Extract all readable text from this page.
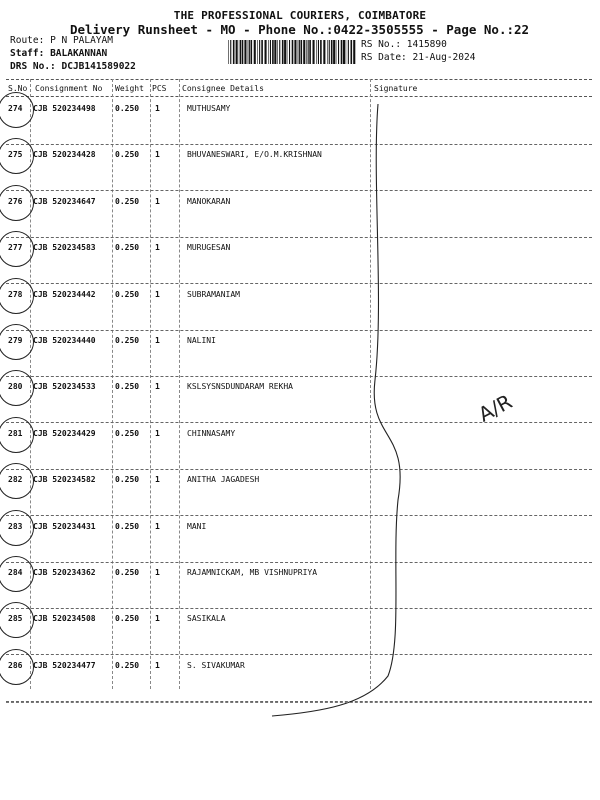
THE PROFESSIONAL COURIERS, COIMBATORE
Delivery Runsheet - MO - Phone No.:0422-3505555 - Page No.:22
Route: P N PALAYAM
Staff: BALAKANNAN
DRS No.: DCJB141589022
RS No.: 1415890
RS Date: 21-Aug-2024
S.No Consignment No Weight PCS Consignee Details	Signature
274 CJB 520234498 0.250 1	MUTHUSAMY
275 CJB 520234428 0.250 1	BHUVANESWARI, E/O.M.KRISHNAN
276 CJB 520234647 0.250 1	MANOKARAN
277 CJB 520234583 0.250 1	MURUGESAN
278 CJB 520234442 0.250 1	SUBRAMANIAM
279 CJB 520234440 0.250 1	NALINI
280 CJB 520234533 0.250 1	KSLSYSNSDUNDARAM REKHA
281 CJB 520234429 0.250 1	CHINNASAMY
282 CJB 520234582 0.250 1	ANITHA JAGADESH
283 CJB 520234431 0.250 1	MANI
284 CJB 520234362 0.250 1	RAJAMNICKAM, MB VISHNUPRIYA
285 CJB 520234508 0.250 1	SASIKALA
286 CJB 520234477 0.250 1	S. SIVAKUMAR
A/R
